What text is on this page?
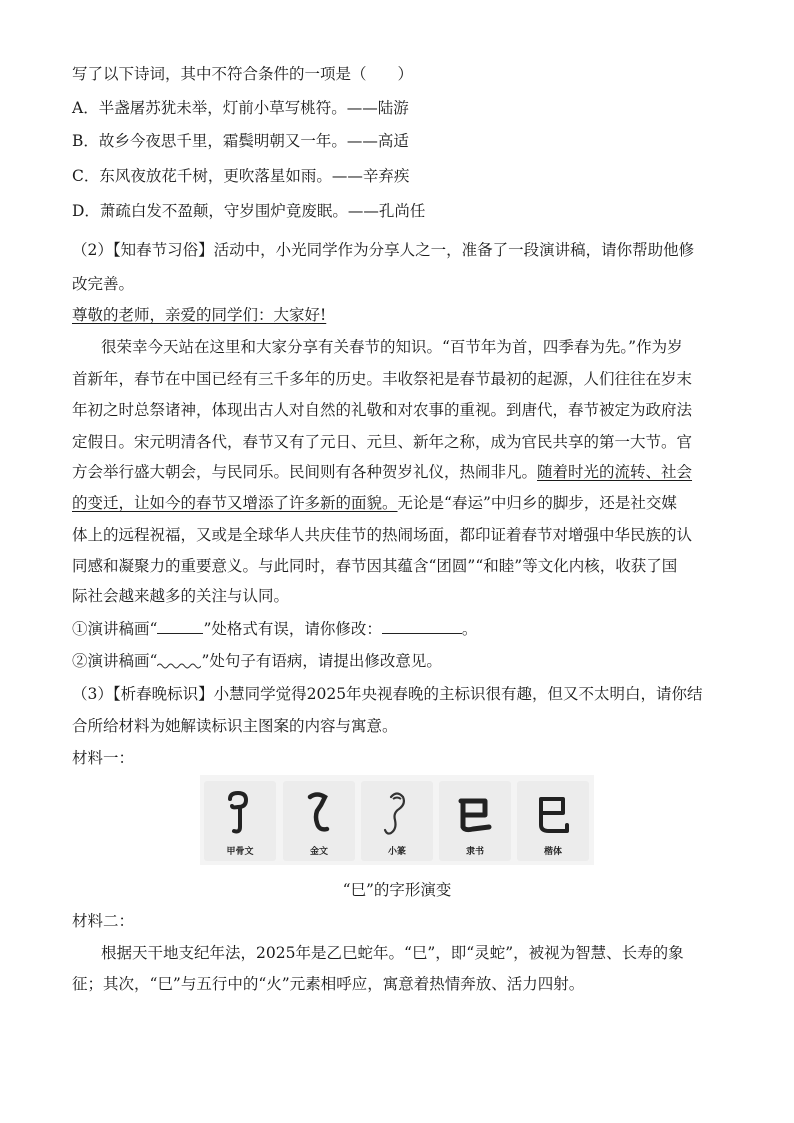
写了以下诗词，其中不符合条件的一项是（　　）
A．半盏屠苏犹未举，灯前小草写桃符。——陆游
B．故乡今夜思千里，霜鬓明朝又一年。——高适
C．东风夜放花千树，更吹落星如雨。——辛弃疾
D．萧疏白发不盈颠，守岁围炉竟废眠。——孔尚任
（2）【知春节习俗】活动中，小光同学作为分享人之一，准备了一段演讲稿，请你帮助他修
改完善。
尊敬的老师，亲爱的同学们：大家好!
很荣幸今天站在这里和大家分享有关春节的知识。“百节年为首，四季春为先。”作为岁
首新年，春节在中国已经有三千多年的历史。丰收祭祀是春节最初的起源，人们往往在岁末
年初之时总祭诸神，体现出古人对自然的礼敬和对农事的重视。到唐代，春节被定为政府法
定假日。宋元明清各代，春节又有了元日、元旦、新年之称，成为官民共享的第一大节。官
方会举行盛大朝会，与民同乐。民间则有各种贺岁礼仪，热闹非凡。随着时光的流转、社会
的变迁，让如今的春节又增添了许多新的面貌。无论是“春运”中归乡的脚步，还是社交媒
体上的远程祝福，又或是全球华人共庆佳节的热闹场面，都印证着春节对增强中华民族的认
同感和凝聚力的重要意义。与此同时，春节因其蕴含“团圆”“和睦”等文化内核，收获了国
际社会越来越多的关注与认同。
①演讲稿画“	”处格式有误，请你修改：	。
②演讲稿画“	”处句子有语病，请提出修改意见。
（3）【析春晚标识】小慧同学觉得2025年央视春晚的主标识很有趣，但又不太明白，请你结
合所给材料为她解读标识主图案的内容与寓意。
材料一：
甲骨文	金文	小篆	隶书	楷体
“巳”的字形演变
材料二：
根据天干地支纪年法，2025年是乙巳蛇年。“巳”，即“灵蛇”，被视为智慧、长寿的象
征；其次，“巳”与五行中的“火”元素相呼应，寓意着热情奔放、活力四射。
